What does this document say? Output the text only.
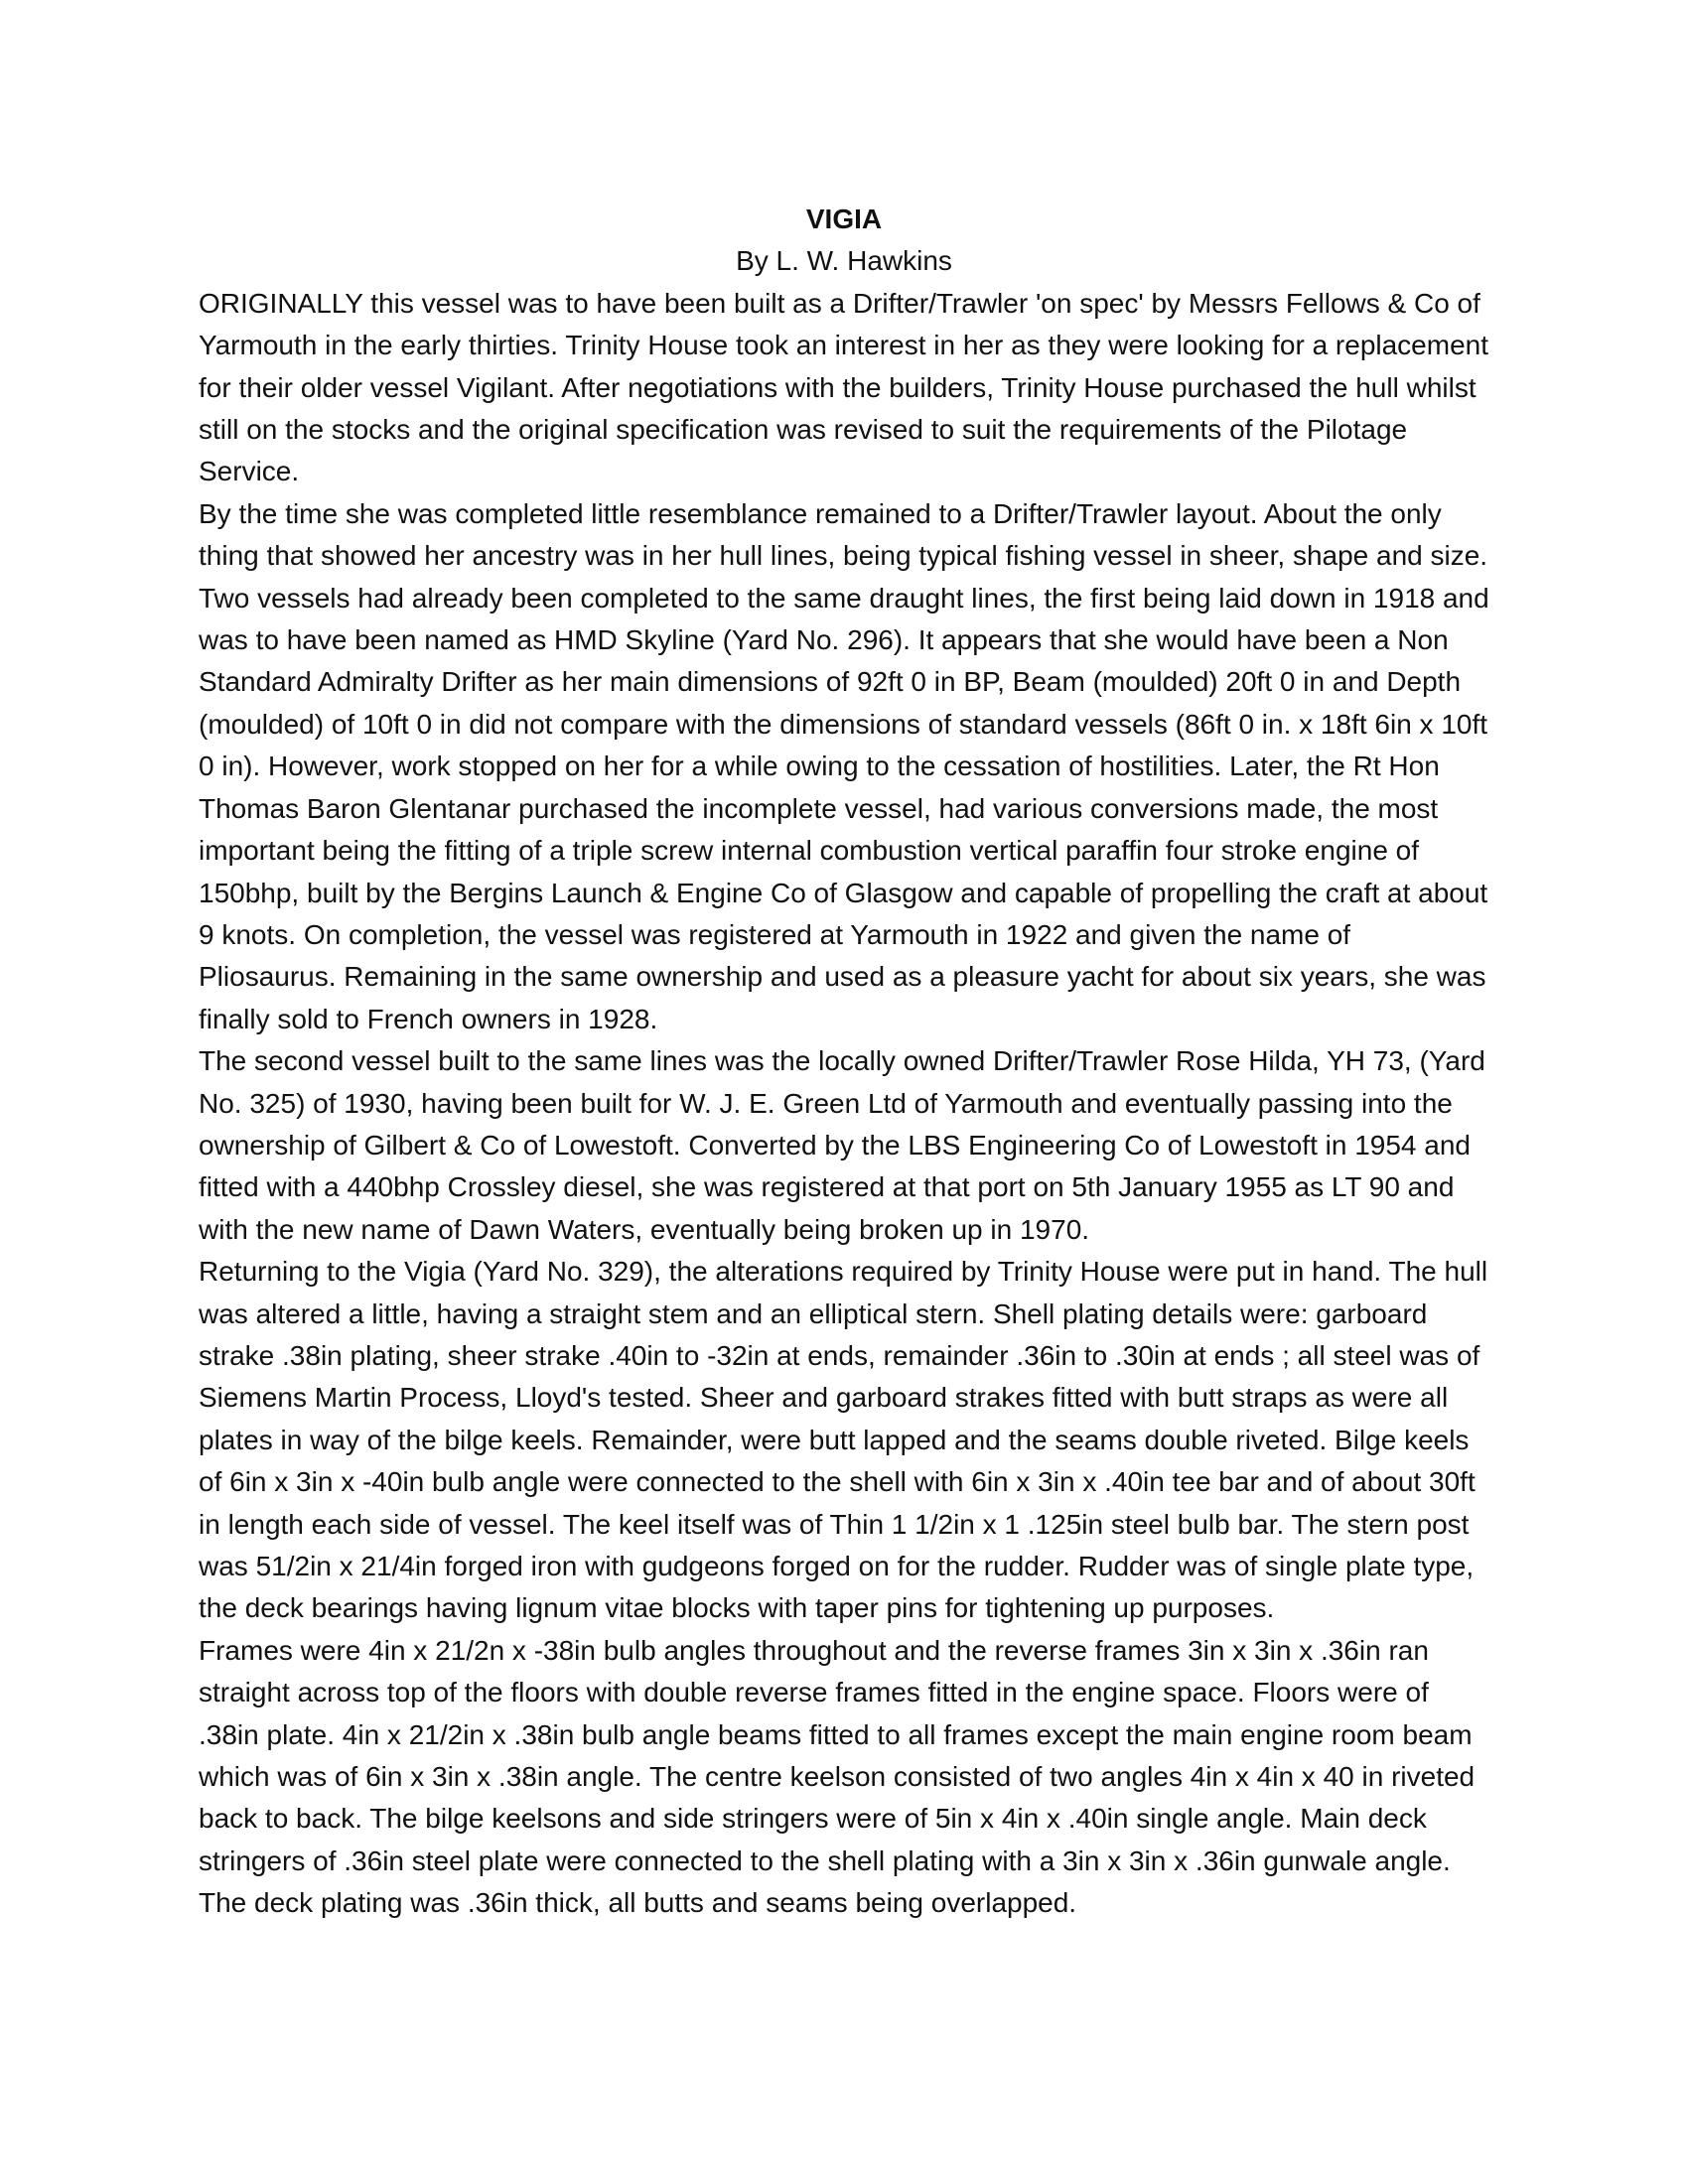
VIGIA

By L. W. Hawkins

ORIGINALLY this vessel was to have been built as a Drifter/Trawler 'on spec' by Messrs Fellows & Co of Yarmouth in the early thirties. Trinity House took an interest in her as they were looking for a replacement for their older vessel Vigilant. After negotiations with the builders, Trinity House purchased the hull whilst still on the stocks and the original specification was revised to suit the requirements of the Pilotage Service.

By the time she was completed little resemblance remained to a Drifter/Trawler layout. About the only thing that showed her ancestry was in her hull lines, being typical fishing vessel in sheer, shape and size. Two vessels had already been completed to the same draught lines, the first being laid down in 1918 and was to have been named as HMD Skyline (Yard No. 296). It appears that she would have been a Non Standard Admiralty Drifter as her main dimensions of 92ft 0 in BP, Beam (moulded) 20ft 0 in and Depth (moulded) of 10ft 0 in did not compare with the dimensions of standard vessels (86ft 0 in. x 18ft 6in x 10ft 0 in). However, work stopped on her for a while owing to the cessation of hostilities. Later, the Rt Hon Thomas Baron Glentanar purchased the incomplete vessel, had various conversions made, the most important being the fitting of a triple screw internal combustion vertical paraffin four stroke engine of 150bhp, built by the Bergins Launch & Engine Co of Glasgow and capable of propelling the craft at about 9 knots. On completion, the vessel was registered at Yarmouth in 1922 and given the name of Pliosaurus. Remaining in the same ownership and used as a pleasure yacht for about six years, she was finally sold to French owners in 1928.

The second vessel built to the same lines was the locally owned Drifter/Trawler Rose Hilda, YH 73, (Yard No. 325) of 1930, having been built for W. J. E. Green Ltd of Yarmouth and eventually passing into the ownership of Gilbert & Co of Lowestoft. Converted by the LBS Engineering Co of Lowestoft in 1954 and fitted with a 440bhp Crossley diesel, she was registered at that port on 5th January 1955 as LT 90 and with the new name of Dawn Waters, eventually being broken up in 1970.

Returning to the Vigia (Yard No. 329), the alterations required by Trinity House were put in hand. The hull was altered a little, having a straight stem and an elliptical stern. Shell plating details were: garboard strake .38in plating, sheer strake .40in to -32in at ends, remainder .36in to .30in at ends ; all steel was of Siemens Martin Process, Lloyd's tested. Sheer and garboard strakes fitted with butt straps as were all plates in way of the bilge keels. Remainder, were butt lapped and the seams double riveted. Bilge keels of 6in x 3in x -40in bulb angle were connected to the shell with 6in x 3in x .40in tee bar and of about 30ft in length each side of vessel. The keel itself was of Thin 1 1/2in x 1 .125in steel bulb bar. The stern post was 51/2in x 21/4in forged iron with gudgeons forged on for the rudder. Rudder was of single plate type, the deck bearings having lignum vitae blocks with taper pins for tightening up purposes.

Frames were 4in x 21/2n x -38in bulb angles throughout and the reverse frames 3in x 3in x .36in ran straight across top of the floors with double reverse frames fitted in the engine space. Floors were of .38in plate. 4in x 21/2in x .38in bulb angle beams fitted to all frames except the main engine room beam which was of 6in x 3in x .38in angle. The centre keelson consisted of two angles 4in x 4in x 40 in riveted back to back. The bilge keelsons and side stringers were of 5in x 4in x .40in single angle. Main deck stringers of .36in steel plate were connected to the shell plating with a 3in x 3in x .36in gunwale angle. The deck plating was .36in thick, all butts and seams being overlapped.
